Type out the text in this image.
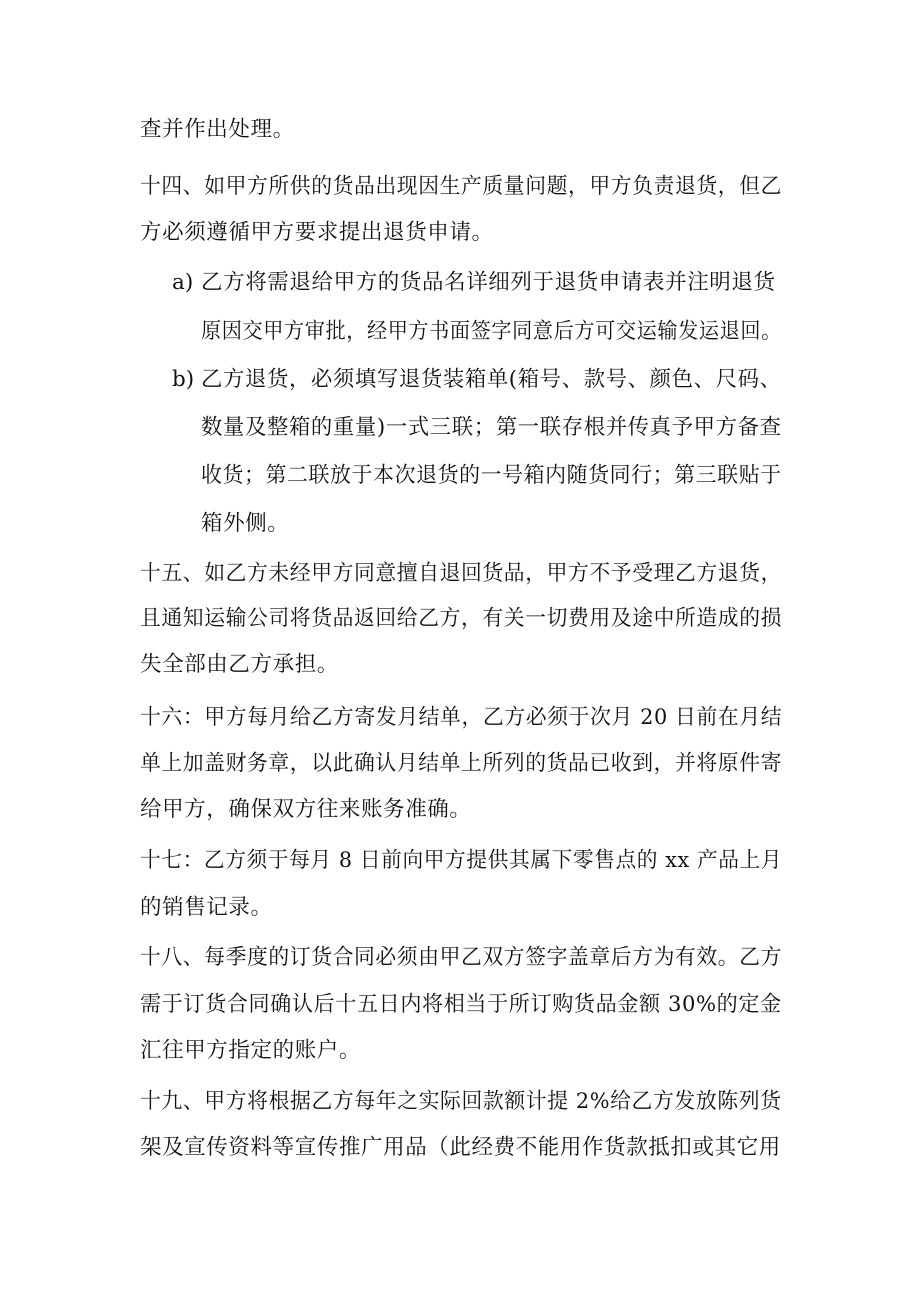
查并作出处理。
十四、如甲方所供的货品出现因生产质量问题，甲方负责退货，但乙
方必须遵循甲方要求提出退货申请。
a) 乙方将需退给甲方的货品名详细列于退货申请表并注明退货
原因交甲方审批，经甲方书面签字同意后方可交运输发运退回。
b) 乙方退货，必须填写退货装箱单(箱号、款号、颜色、尺码、
数量及整箱的重量)一式三联；第一联存根并传真予甲方备查
收货；第二联放于本次退货的一号箱内随货同行；第三联贴于
箱外侧。
十五、如乙方未经甲方同意擅自退回货品，甲方不予受理乙方退货，
且通知运输公司将货品返回给乙方，有关一切费用及途中所造成的损
失全部由乙方承担。
十六：甲方每月给乙方寄发月结单，乙方必须于次月 20 日前在月结
单上加盖财务章，以此确认月结单上所列的货品已收到，并将原件寄
给甲方，确保双方往来账务准确。
十七：乙方须于每月 8 日前向甲方提供其属下零售点的 xx 产品上月
的销售记录。
十八、每季度的订货合同必须由甲乙双方签字盖章后方为有效。乙方
需于订货合同确认后十五日内将相当于所订购货品金额 30%的定金
汇往甲方指定的账户。
十九、甲方将根据乙方每年之实际回款额计提 2%给乙方发放陈列货
架及宣传资料等宣传推广用品（此经费不能用作货款抵扣或其它用
